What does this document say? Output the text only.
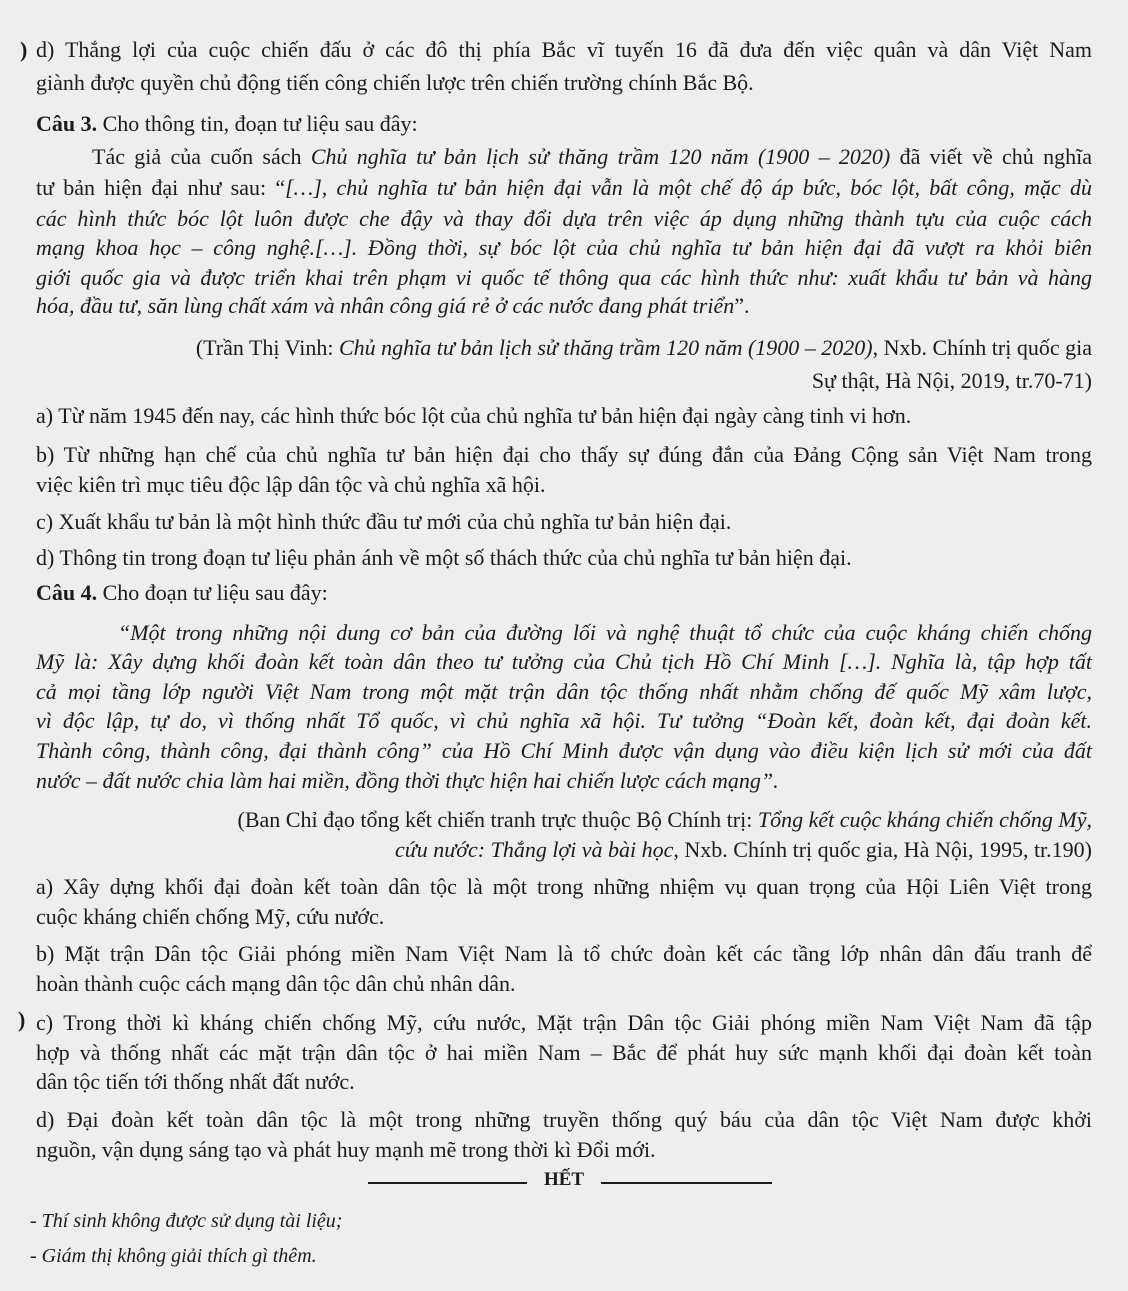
)
)
d) Thắng lợi của cuộc chiến đấu ở các đô thị phía Bắc vĩ tuyến 16 đã đưa đến việc quân và dân Việt Nam
giành được quyền chủ động tiến công chiến lược trên chiến trường chính Bắc Bộ.
Câu 3. Cho thông tin, đoạn tư liệu sau đây:
Tác giả của cuốn sách Chủ nghĩa tư bản lịch sử thăng trầm 120 năm (1900 – 2020) đã viết về chủ nghĩa
tư bản hiện đại như sau: “[…], chủ nghĩa tư bản hiện đại vẫn là một chế độ áp bức, bóc lột, bất công, mặc dù
các hình thức bóc lột luôn được che đậy và thay đổi dựa trên việc áp dụng những thành tựu của cuộc cách
mạng khoa học – công nghệ.[…]. Đồng thời, sự bóc lột của chủ nghĩa tư bản hiện đại đã vượt ra khỏi biên
giới quốc gia và được triển khai trên phạm vi quốc tế thông qua các hình thức như: xuất khẩu tư bản và hàng
hóa, đầu tư, săn lùng chất xám và nhân công giá rẻ ở các nước đang phát triển”.
(Trần Thị Vinh: Chủ nghĩa tư bản lịch sử thăng trầm 120 năm (1900 – 2020), Nxb. Chính trị quốc gia
Sự thật, Hà Nội, 2019, tr.70-71)
a) Từ năm 1945 đến nay, các hình thức bóc lột của chủ nghĩa tư bản hiện đại ngày càng tinh vi hơn.
b) Từ những hạn chế của chủ nghĩa tư bản hiện đại cho thấy sự đúng đắn của Đảng Cộng sản Việt Nam trong
việc kiên trì mục tiêu độc lập dân tộc và chủ nghĩa xã hội.
c) Xuất khẩu tư bản là một hình thức đầu tư mới của chủ nghĩa tư bản hiện đại.
d) Thông tin trong đoạn tư liệu phản ánh về một số thách thức của chủ nghĩa tư bản hiện đại.
Câu 4. Cho đoạn tư liệu sau đây:
“Một trong những nội dung cơ bản của đường lối và nghệ thuật tổ chức của cuộc kháng chiến chống
Mỹ là: Xây dựng khối đoàn kết toàn dân theo tư tưởng của Chủ tịch Hồ Chí Minh […]. Nghĩa là, tập hợp tất
cả mọi tầng lớp người Việt Nam trong một mặt trận dân tộc thống nhất nhằm chống đế quốc Mỹ xâm lược,
vì độc lập, tự do, vì thống nhất Tổ quốc, vì chủ nghĩa xã hội. Tư tưởng “Đoàn kết, đoàn kết, đại đoàn kết.
Thành công, thành công, đại thành công” của Hồ Chí Minh được vận dụng vào điều kiện lịch sử mới của đất
nước – đất nước chia làm hai miền, đồng thời thực hiện hai chiến lược cách mạng”.
(Ban Chỉ đạo tổng kết chiến tranh trực thuộc Bộ Chính trị: Tổng kết cuộc kháng chiến chống Mỹ,
cứu nước: Thắng lợi và bài học, Nxb. Chính trị quốc gia, Hà Nội, 1995, tr.190)
a) Xây dựng khối đại đoàn kết toàn dân tộc là một trong những nhiệm vụ quan trọng của Hội Liên Việt trong
cuộc kháng chiến chống Mỹ, cứu nước.
b) Mặt trận Dân tộc Giải phóng miền Nam Việt Nam là tổ chức đoàn kết các tầng lớp nhân dân đấu tranh để
hoàn thành cuộc cách mạng dân tộc dân chủ nhân dân.
c) Trong thời kì kháng chiến chống Mỹ, cứu nước, Mặt trận Dân tộc Giải phóng miền Nam Việt Nam đã tập
hợp và thống nhất các mặt trận dân tộc ở hai miền Nam – Bắc để phát huy sức mạnh khối đại đoàn kết toàn
dân tộc tiến tới thống nhất đất nước.
d) Đại đoàn kết toàn dân tộc là một trong những truyền thống quý báu của dân tộc Việt Nam được khởi
nguồn, vận dụng sáng tạo và phát huy mạnh mẽ trong thời kì Đổi mới.
HẾT
- Thí sinh không được sử dụng tài liệu;
- Giám thị không giải thích gì thêm.
